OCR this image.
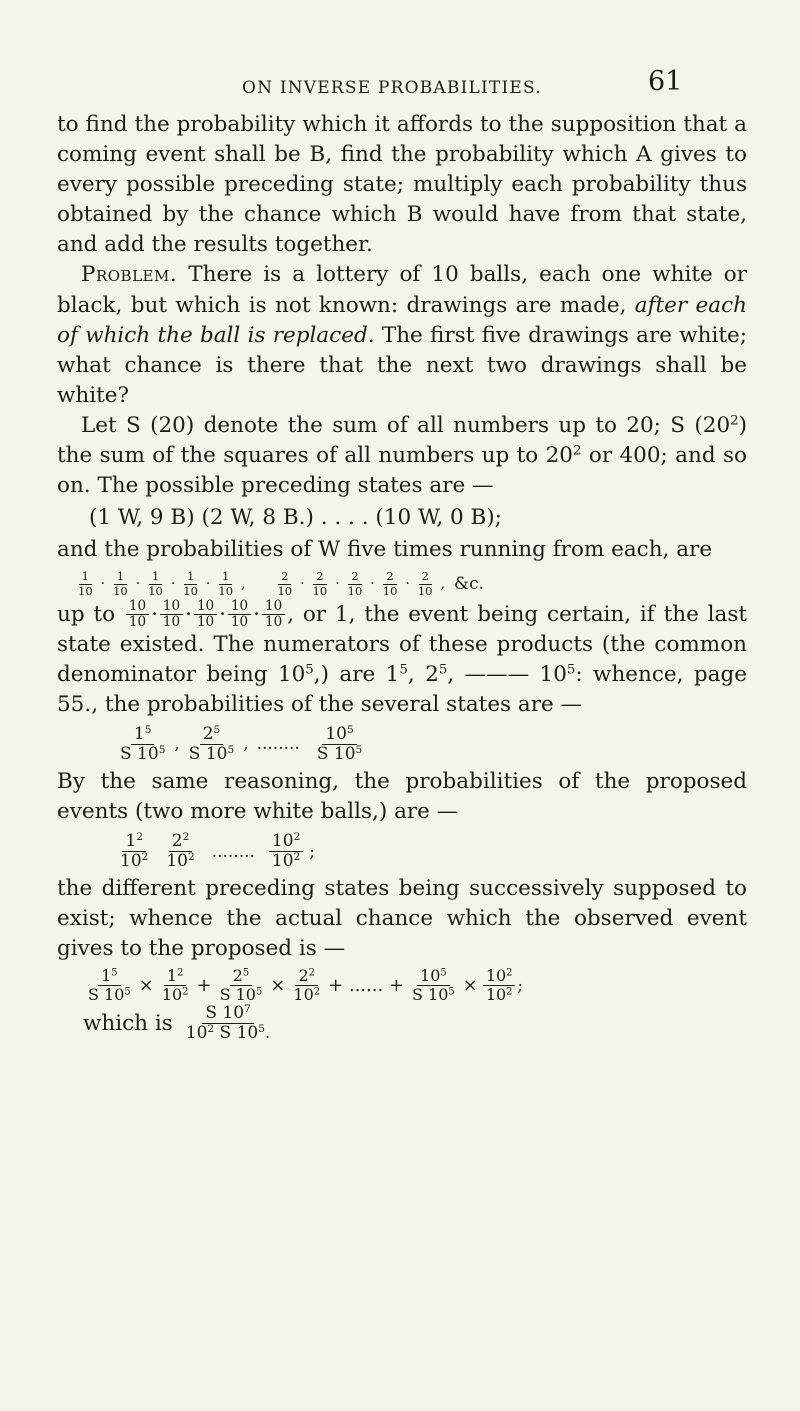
ON INVERSE PROBABILITIES.	61

to find the probability which it affords to the supposition that a coming event shall be B, find the probability which A gives to every possible preceding state; multiply each probability thus obtained by the chance which B would have from that state, and add the results together.

Problem. There is a lottery of 10 balls, each one white or black, but which is not known: drawings are made, after each of which the ball is replaced. The first five drawings are white; what chance is there that the next two drawings shall be white?

Let S (20) denote the sum of all numbers up to 20; S $(20^2)$ the sum of the squares of all numbers up to $20^2$ or 400; and so on. The possible preceding states are —

(1 W, 9 B) (2 W, 8 B.) . . . . (10 W, 0 B);

and the probabilities of W five times running from each, are

$\frac{1}{10} \cdot \frac{1}{10} \cdot \frac{1}{10} \cdot \frac{1}{10} \cdot \frac{1}{10}$ ,	$\frac{2}{10} \cdot \frac{2}{10} \cdot \frac{2}{10} \cdot \frac{2}{10} \cdot \frac{2}{10}$ , &c.

up to $\frac{10}{10} \cdot \frac{10}{10} \cdot \frac{10}{10} \cdot \frac{10}{10} \cdot \frac{10}{10}$ , or 1, the event being certain, if the last state existed. The numerators of these products (the common denominator being $10^5$,) are $1^5$, $2^5$, ——— $10^5$: whence, page 55., the probabilities of the several states are —

$\frac{1^5}{S 10^5}$ , $\frac{2^5}{S 10^5}$ , ........ $\frac{10^5}{S 10^5}$

By the same reasoning, the probabilities of the proposed events (two more white balls,) are —

$\frac{1^2}{10^2} \frac{2^2}{10^2}$ ........ $\frac{10^2}{10^2}$ ;

the different preceding states being successively supposed to exist; whence the actual chance which the observed event gives to the proposed is —

$\frac{1^5}{S 10^5} \times \frac{1^2}{10^2} + \frac{2^5}{S 10^5} \times \frac{2^2}{10^2}$ + ...... + $\frac{10^5}{S 10^5} \times \frac{10^2}{10^2}$ ;
which is $\frac{S 10^7}{10^2 S 10^5.}$
